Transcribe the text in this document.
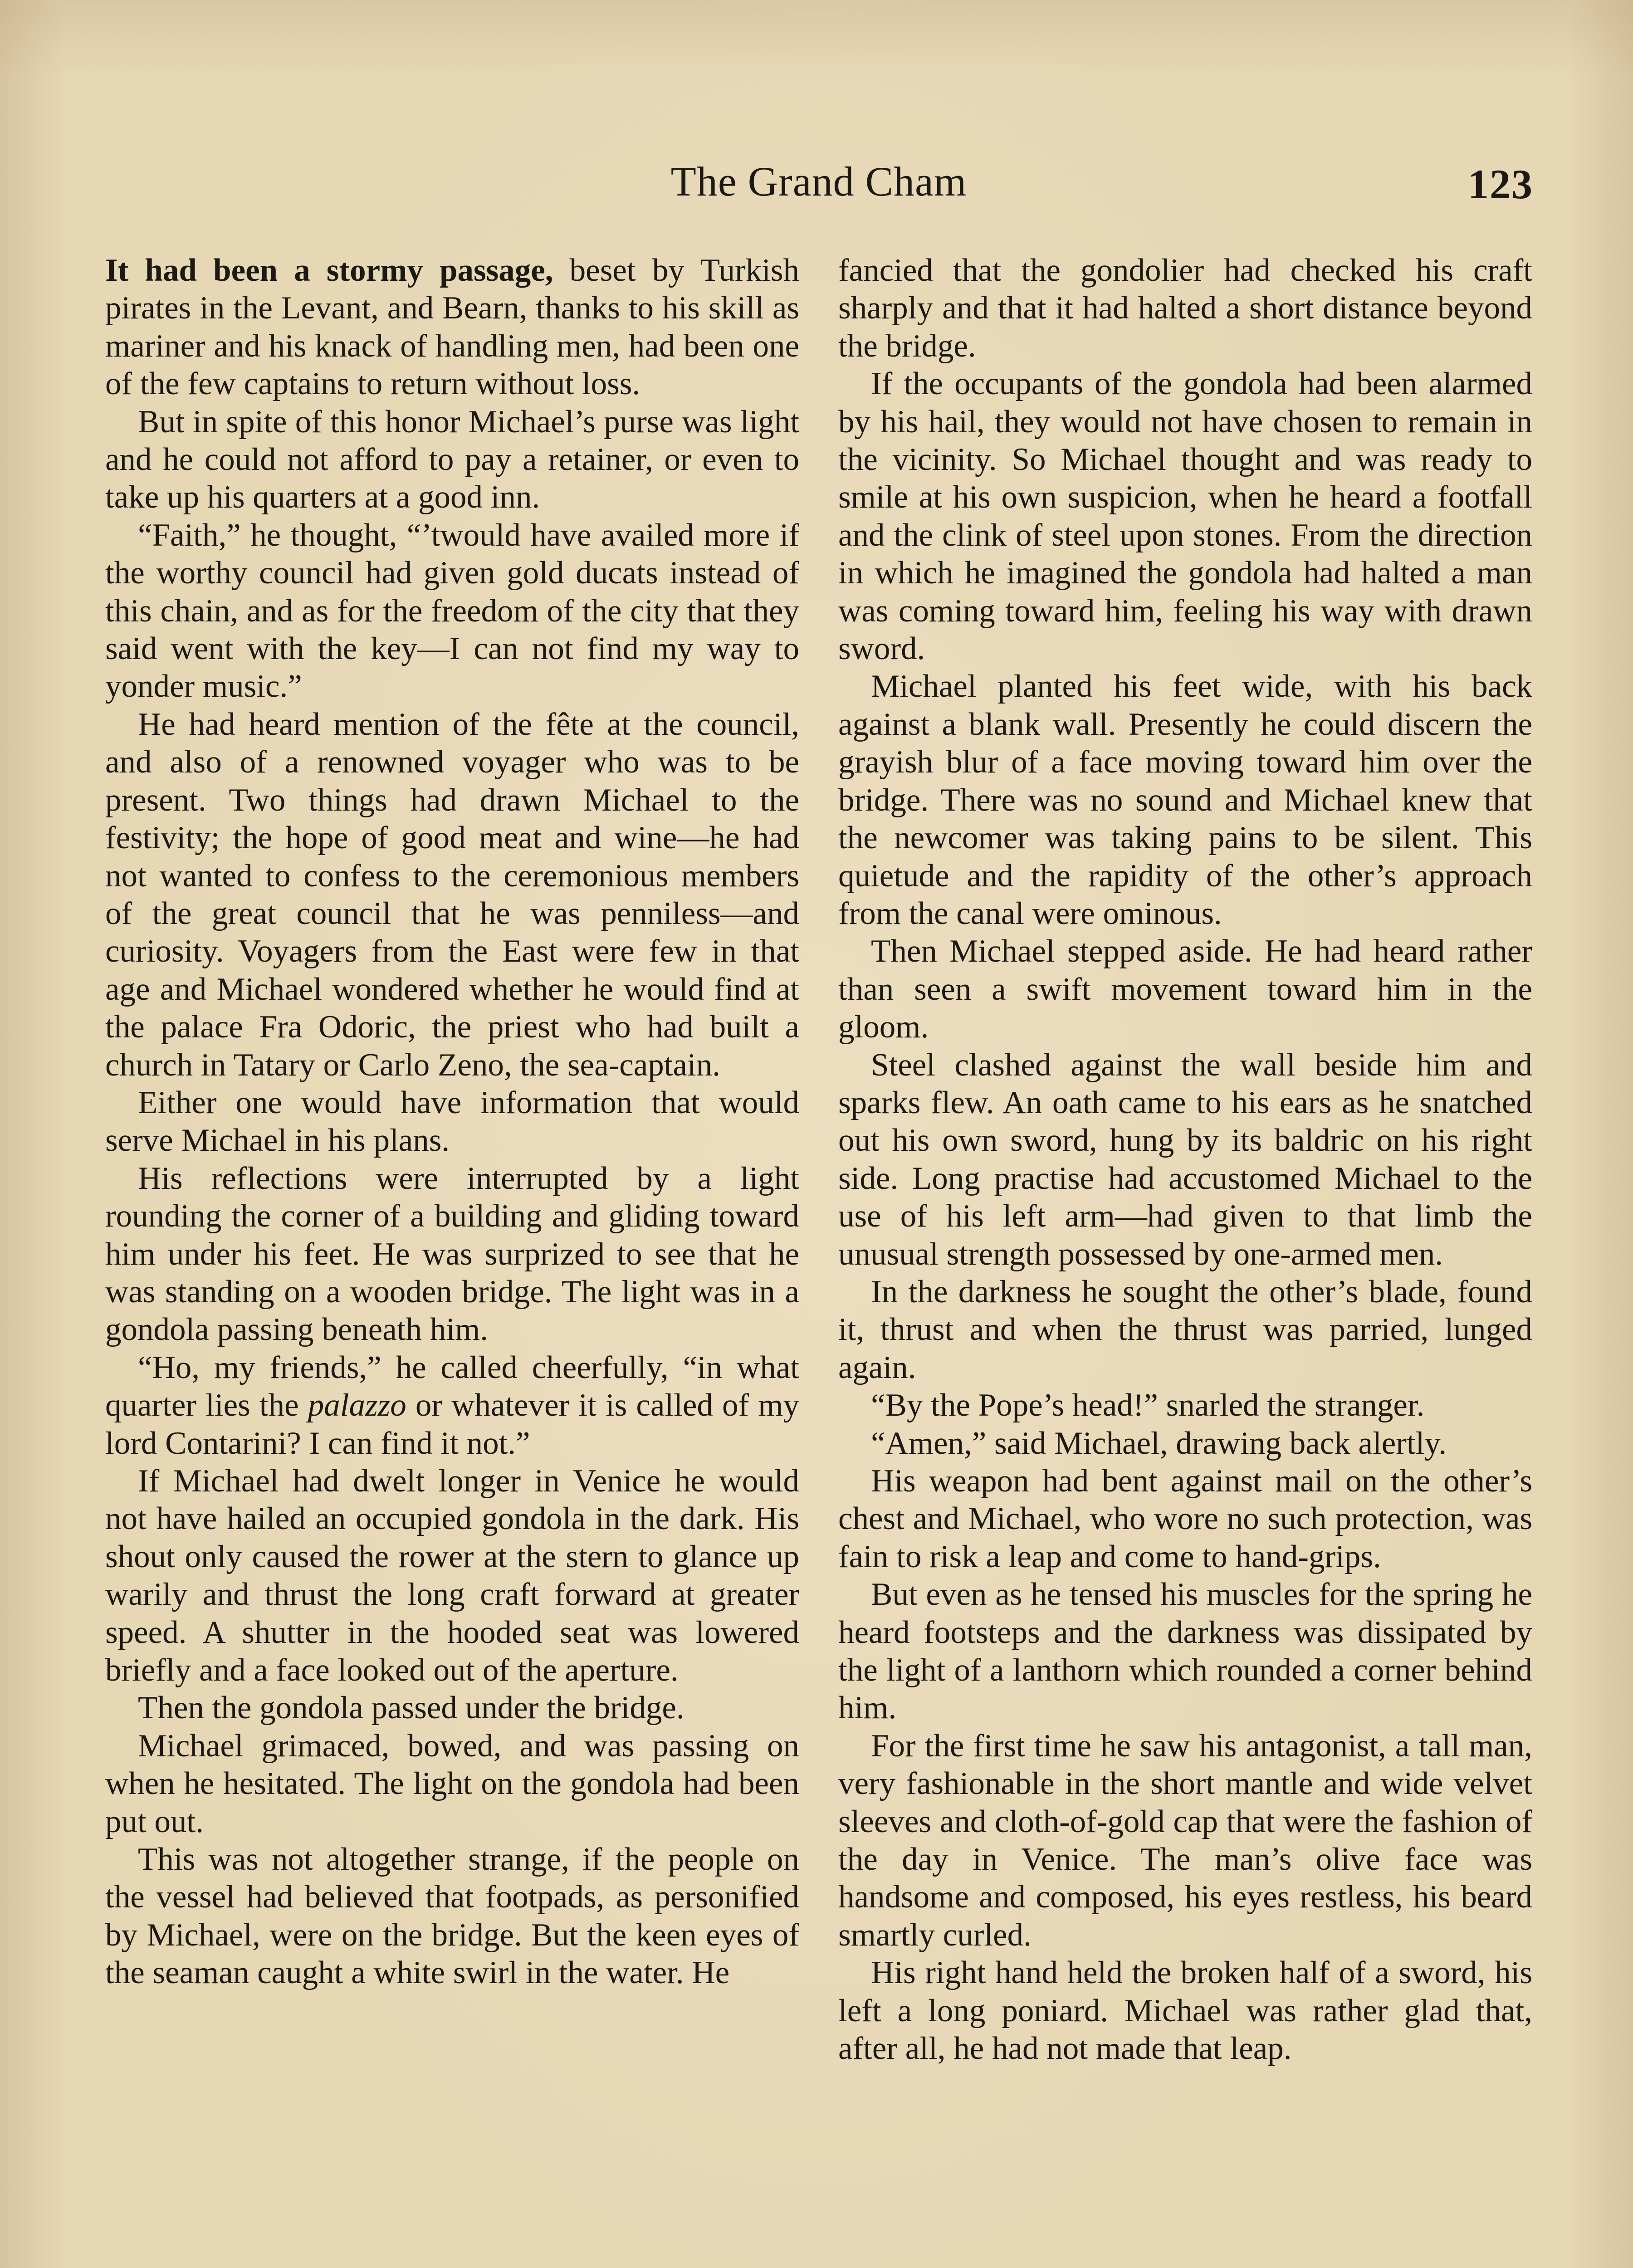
The Grand Cham	123

It had been a stormy passage, beset by Turkish pirates in the Levant, and Bearn, thanks to his skill as mariner and his knack of handling men, had been one of the few captains to return without loss.

But in spite of this honor Michael’s purse was light and he could not afford to pay a retainer, or even to take up his quarters at a good inn.

“Faith,” he thought, “’twould have availed more if the worthy council had given gold ducats instead of this chain, and as for the freedom of the city that they said went with the key—I can not find my way to yonder music.”

He had heard mention of the fête at the council, and also of a renowned voyager who was to be present. Two things had drawn Michael to the festivity; the hope of good meat and wine—he had not wanted to confess to the ceremonious members of the great council that he was penniless—and curiosity. Voyagers from the East were few in that age and Michael wondered whether he would find at the palace Fra Odoric, the priest who had built a church in Tatary or Carlo Zeno, the sea-captain.

Either one would have information that would serve Michael in his plans.

His reflections were interrupted by a light rounding the corner of a building and gliding toward him under his feet. He was surprized to see that he was standing on a wooden bridge. The light was in a gondola passing beneath him.

“Ho, my friends,” he called cheerfully, “in what quarter lies the palazzo or whatever it is called of my lord Contarini? I can find it not.”

If Michael had dwelt longer in Venice he would not have hailed an occupied gondola in the dark. His shout only caused the rower at the stern to glance up warily and thrust the long craft forward at greater speed. A shutter in the hooded seat was lowered briefly and a face looked out of the aperture.

Then the gondola passed under the bridge.

Michael grimaced, bowed, and was passing on when he hesitated. The light on the gondola had been put out.

This was not altogether strange, if the people on the vessel had believed that footpads, as personified by Michael, were on the bridge. But the keen eyes of the seaman caught a white swirl in the water. He

fancied that the gondolier had checked his craft sharply and that it had halted a short distance beyond the bridge.

If the occupants of the gondola had been alarmed by his hail, they would not have chosen to remain in the vicinity. So Michael thought and was ready to smile at his own suspicion, when he heard a footfall and the clink of steel upon stones. From the direction in which he imagined the gondola had halted a man was coming toward him, feeling his way with drawn sword.

Michael planted his feet wide, with his back against a blank wall. Presently he could discern the grayish blur of a face moving toward him over the bridge. There was no sound and Michael knew that the newcomer was taking pains to be silent. This quietude and the rapidity of the other’s approach from the canal were ominous.

Then Michael stepped aside. He had heard rather than seen a swift movement toward him in the gloom.

Steel clashed against the wall beside him and sparks flew. An oath came to his ears as he snatched out his own sword, hung by its baldric on his right side. Long practise had accustomed Michael to the use of his left arm—had given to that limb the unusual strength possessed by one-armed men.

In the darkness he sought the other’s blade, found it, thrust and when the thrust was parried, lunged again.

“By the Pope’s head!” snarled the stranger.

“Amen,” said Michael, drawing back alertly.

His weapon had bent against mail on the other’s chest and Michael, who wore no such protection, was fain to risk a leap and come to hand-grips.

But even as he tensed his muscles for the spring he heard footsteps and the darkness was dissipated by the light of a lanthorn which rounded a corner behind him.

For the first time he saw his antagonist, a tall man, very fashionable in the short mantle and wide velvet sleeves and cloth-of-gold cap that were the fashion of the day in Venice. The man’s olive face was handsome and composed, his eyes restless, his beard smartly curled.

His right hand held the broken half of a sword, his left a long poniard. Michael was rather glad that, after all, he had not made that leap.
